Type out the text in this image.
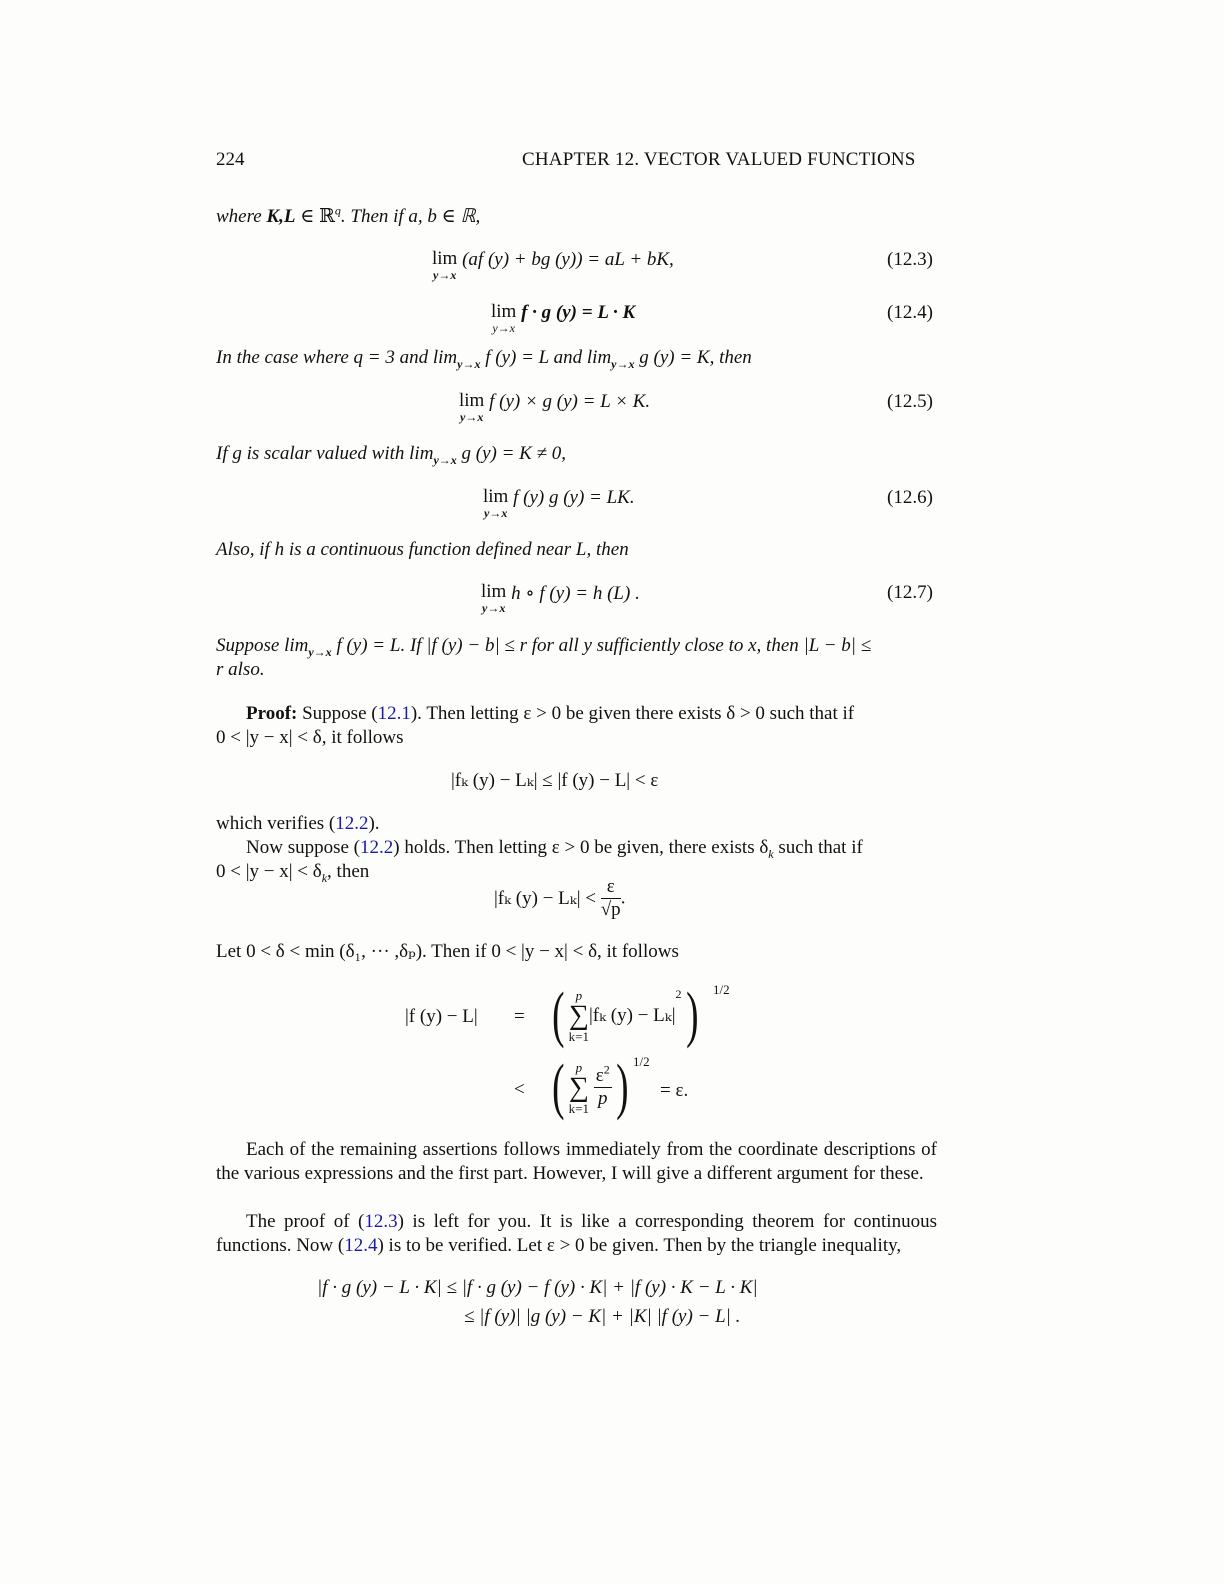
224	CHAPTER 12. VECTOR VALUED FUNCTIONS
where K,L ∈ ℝ$^q$. Then if a, b ∈ ℝ,
lim
y→x
(af (y) + bg (y)) = aL + bK,	(12.3)
lim
y→x
f · g (y) = L · K	(12.4)
In the case where q = 3 and $\lim_{y\to x} f$ (y) = L and $\lim_{y\to x} g$ (y) = K, then
lim
y→x
f (y) × g (y) = L × K.	(12.5)
If g is scalar valued with $\lim_{y\to x} g$ (y) = K ≠ 0,
lim
y→x
f (y) g (y) = LK.	(12.6)
Also, if h is a continuous function defined near L, then
lim
y→x
h ∘ f (y) = h (L) .	(12.7)
Suppose $\lim_{y\to x} f$ (y) = L. If |f (y) − b| ≤ r for all y sufficiently close to x, then |L − b| ≤
r also.
Proof: Suppose (12.1). Then letting ε > 0 be given there exists δ > 0 such that if
0 < |y − x| < δ, it follows
|fₖ (y) − Lₖ| ≤ |f (y) − L| < ε
which verifies (12.2).
Now suppose (12.2) holds. Then letting ε > 0 be given, there exists $\delta_k$ such that if
$0 < |y - x| < \delta_k$, then
|fₖ $(y) - L_k| < \frac{\varepsilon}{√p}$ .
Let 0 < δ < min (δ₁, ··· ,δₚ). Then if 0 < |y − x| < δ, it follows
|f (y) − L| = ( p
∑
k=1
|fₖ $(y) - L_k|^2$)	1/2
< ( p
∑
k=1
$\frac{\varepsilon^2}{p}$ ) 1/2
= ε.
Each of the remaining assertions follows immediately from the coordinate descriptions of the various expressions and the first part. However, I will give a different argument for these.
The proof of (12.3) is left for you. It is like a corresponding theorem for continuous functions. Now (12.4) is to be verified. Let ε > 0 be given. Then by the triangle inequality,
|f · g (y) − L · K| ≤ |f · g (y) − f (y) · K| + |f (y) · K − L · K|
≤ |f (y)| |g (y) − K| + |K| |f (y) − L| .
